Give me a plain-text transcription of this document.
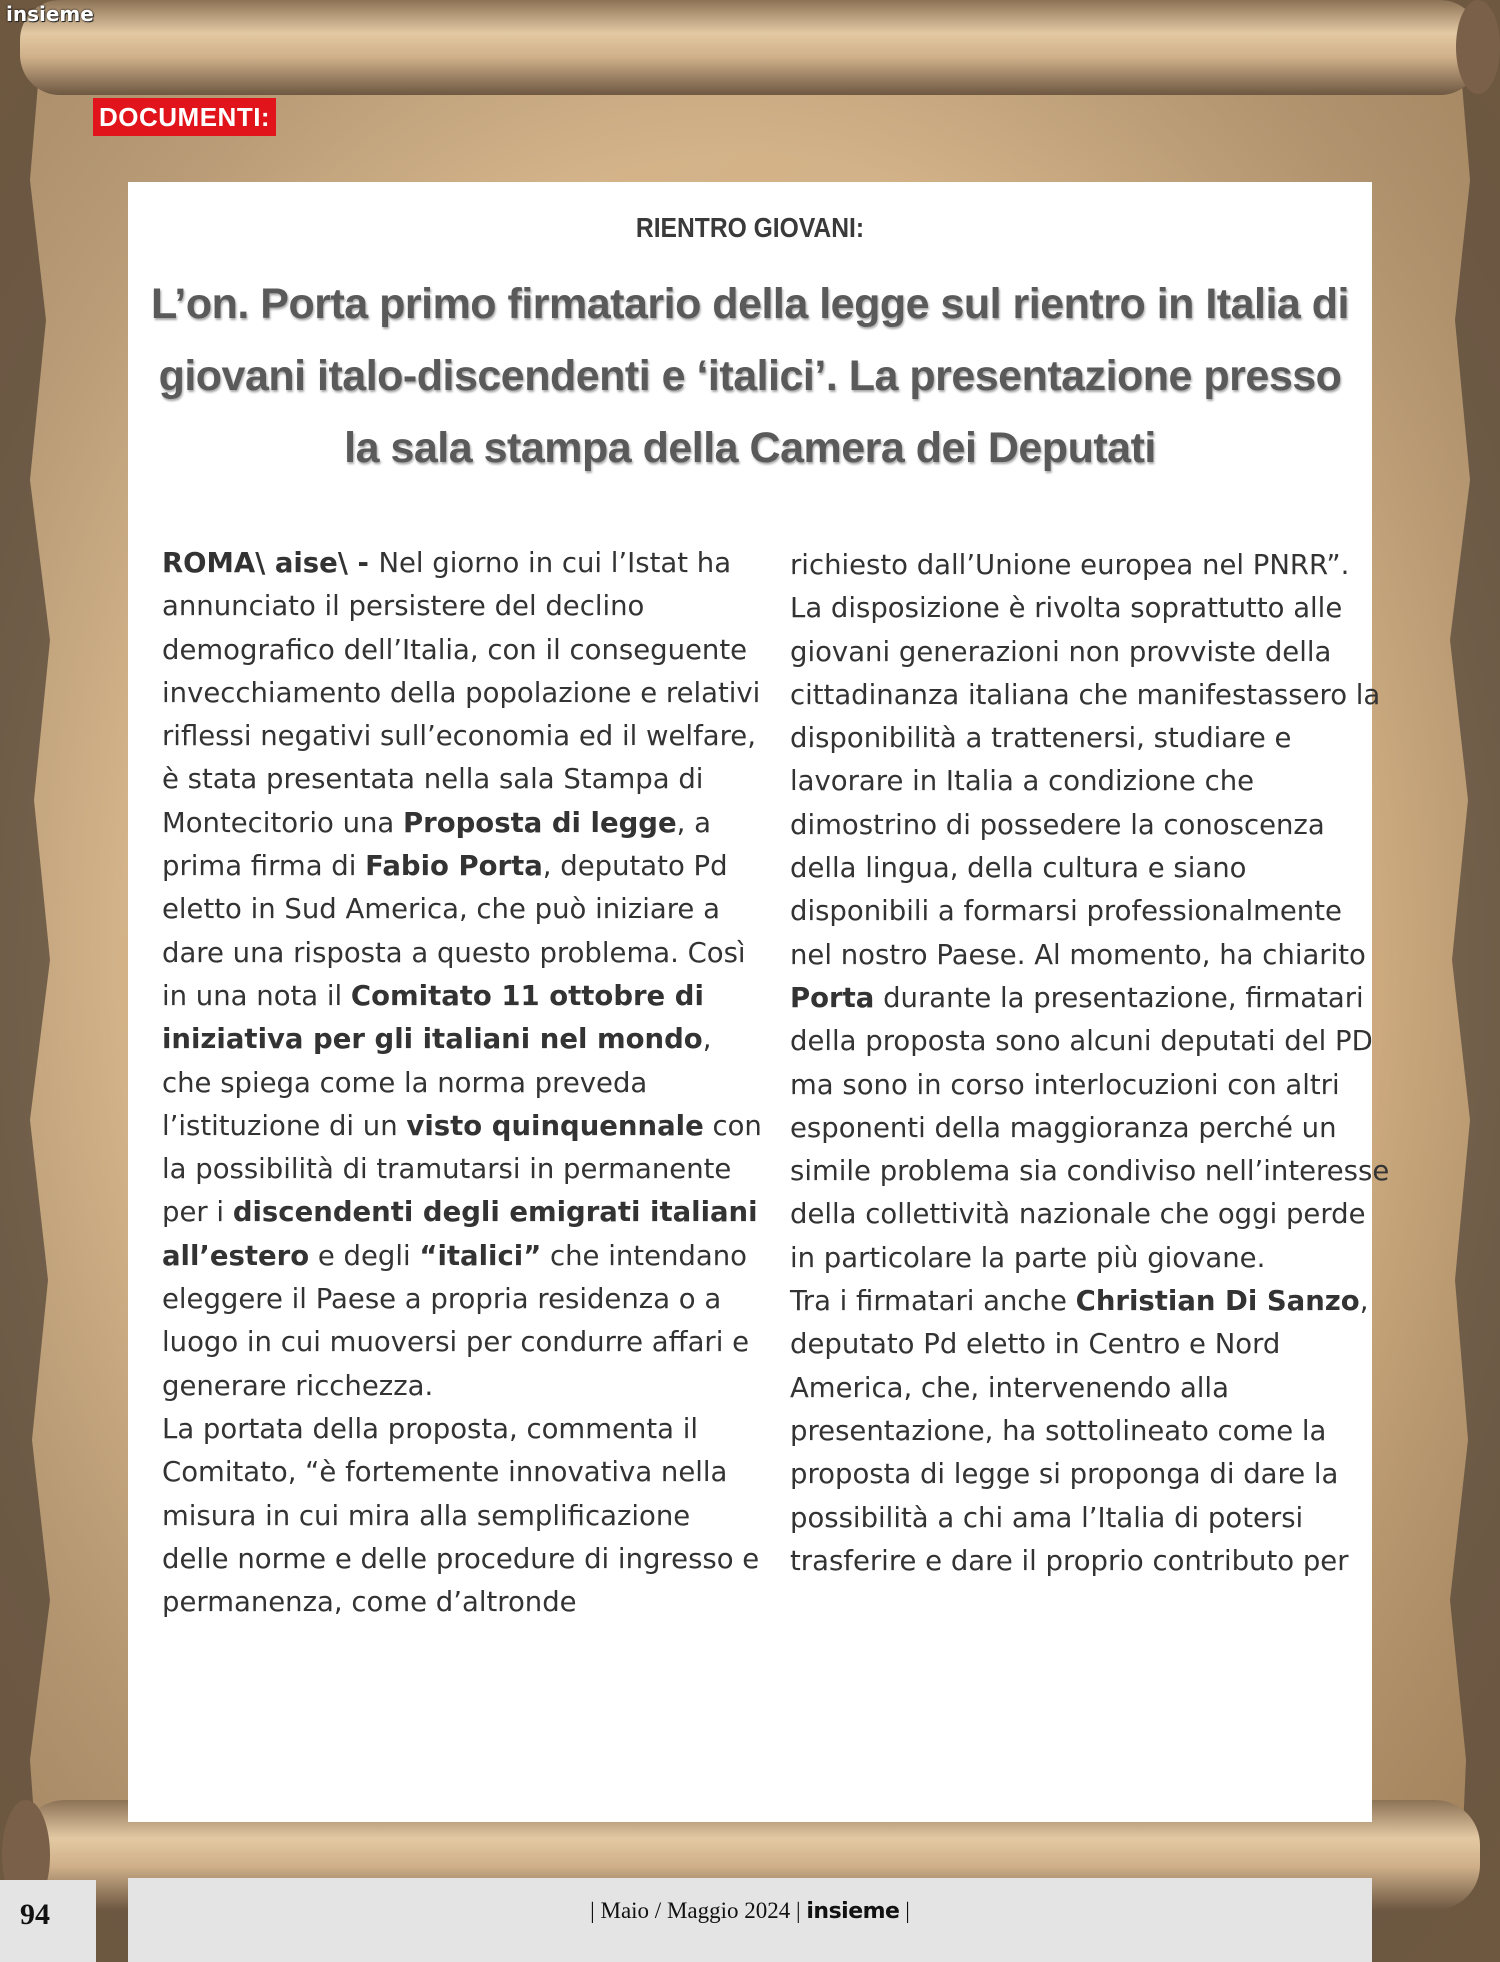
insieme
DOCUMENTI:
RIENTRO GIOVANI:
L’on. Porta primo firmatario della legge sul rientro in Italia di giovani italo-discendenti e ‘italici’. La presentazione presso la sala stampa della Camera dei Deputati

ROMA\ aise\ - Nel giorno in cui l’Istat ha annunciato il persistere del declino demografico dell’Italia, con il conseguente invecchiamento della popolazione e relativi riflessi negativi sull’economia ed il welfare, è stata presentata nella sala Stampa di Montecitorio una Proposta di legge, a prima firma di Fabio Porta, deputato Pd eletto in Sud America, che può iniziare a dare una risposta a questo problema. Così in una nota il Comitato 11 ottobre di iniziativa per gli italiani nel mondo, che spiega come la norma preveda l’istituzione di un visto quinquennale con la possibilità di tramutarsi in permanente per i discendenti degli emigrati italiani all’estero e degli “italici” che intendano eleggere il Paese a propria residenza o a luogo in cui muoversi per condurre affari e generare ricchezza.

La portata della proposta, commenta il Comitato, “è fortemente innovativa nella misura in cui mira alla semplificazione delle norme e delle procedure di ingresso e permanenza, come d’altronde

richiesto dall’Unione europea nel PNRR”. La disposizione è rivolta soprattutto alle giovani generazioni non provviste della cittadinanza italiana che manifestassero la disponibilità a trattenersi, studiare e lavorare in Italia a condizione che dimostrino di possedere la conoscenza della lingua, della cultura e siano disponibili a formarsi professionalmente nel nostro Paese. Al momento, ha chiarito Porta durante la presentazione, firmatari della proposta sono alcuni deputati del PD ma sono in corso interlocuzioni con altri esponenti della maggioranza perché un simile problema sia condiviso nell’interesse della collettività nazionale che oggi perde in particolare la parte più giovane.

Tra i firmatari anche Christian Di Sanzo, deputato Pd eletto in Centro e Nord America, che, intervenendo alla presentazione, ha sottolineato come la proposta di legge si proponga di dare la possibilità a chi ama l’Italia di potersi trasferire e dare il proprio contributo per

94	| Maio / Maggio 2024 | insieme |
